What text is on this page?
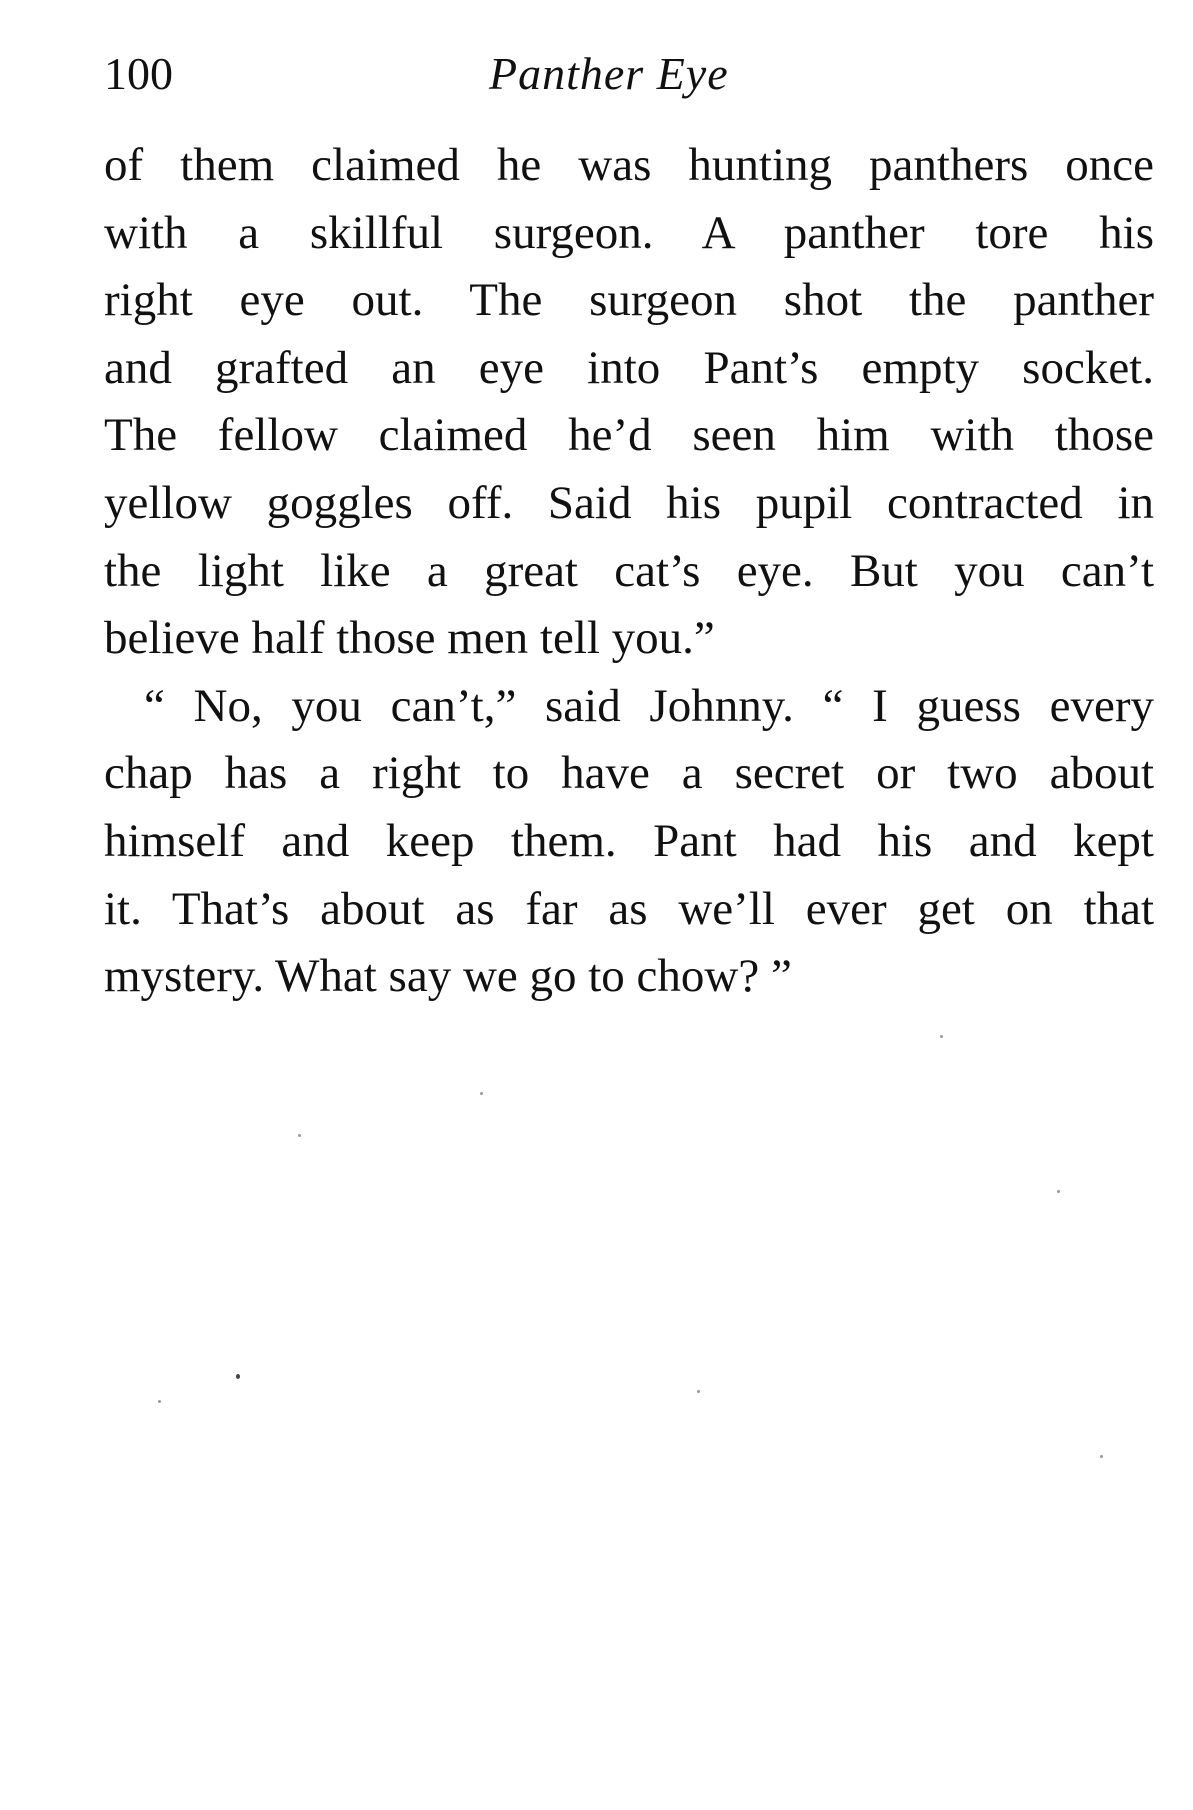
100	Panther Eye
of them claimed he was hunting panthers once
with a skillful surgeon. A panther tore his
right eye out. The surgeon shot the panther
and grafted an eye into Pant’s empty socket.
The fellow claimed he’d seen him with those
yellow goggles off. Said his pupil contracted in
the light like a great cat’s eye. But you can’t
believe half those men tell you.”
“ No, you can’t,” said Johnny. “ I guess every
chap has a right to have a secret or two about
himself and keep them. Pant had his and kept
it. That’s about as far as we’ll ever get on that
mystery. What say we go to chow? ”
